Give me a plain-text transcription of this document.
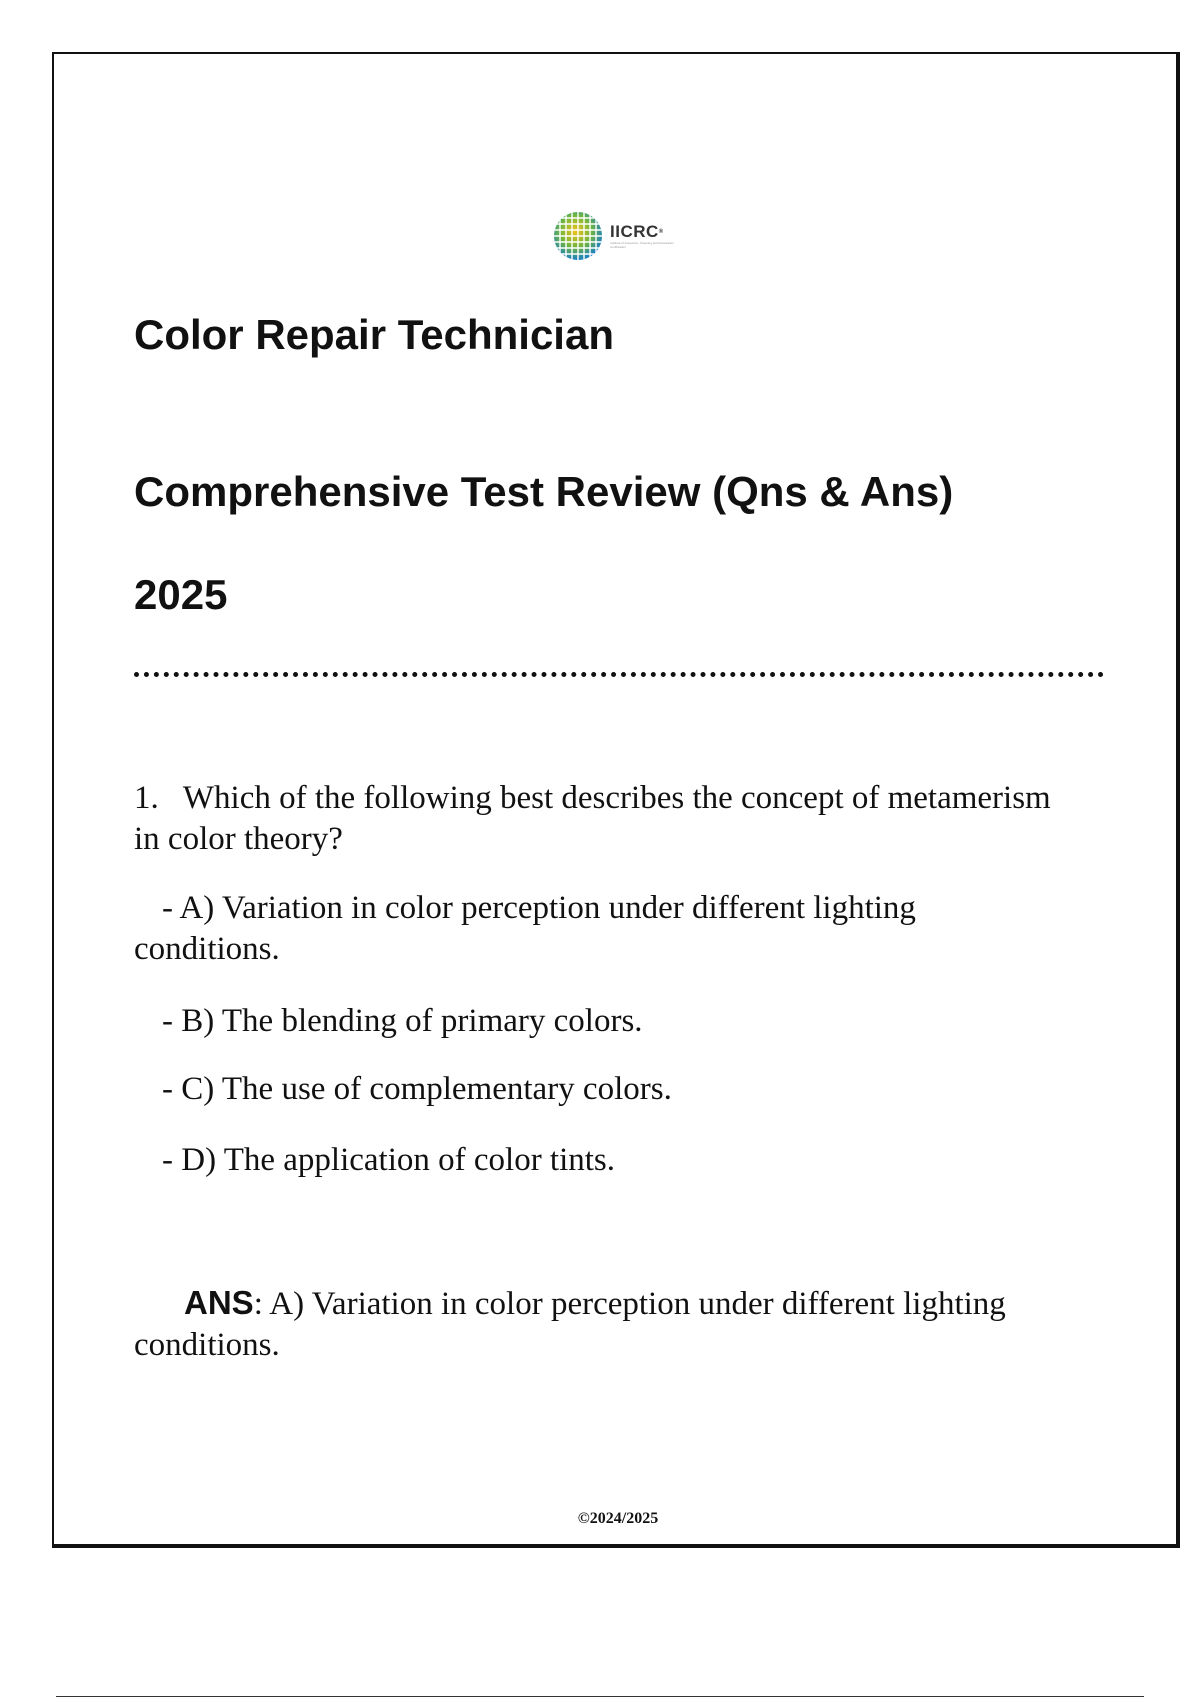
IICRC®
Institute of Inspection, Cleaning and Restoration Certification
Color Repair Technician
Comprehensive Test Review (Qns & Ans)
2025

1. Which of the following best describes the concept of metamerism in color theory?

- A) Variation in color perception under different lighting conditions.

- B) The blending of primary colors.

- C) The use of complementary colors.

- D) The application of color tints.

ANS: A) Variation in color perception under different lighting conditions.

©2024/2025
